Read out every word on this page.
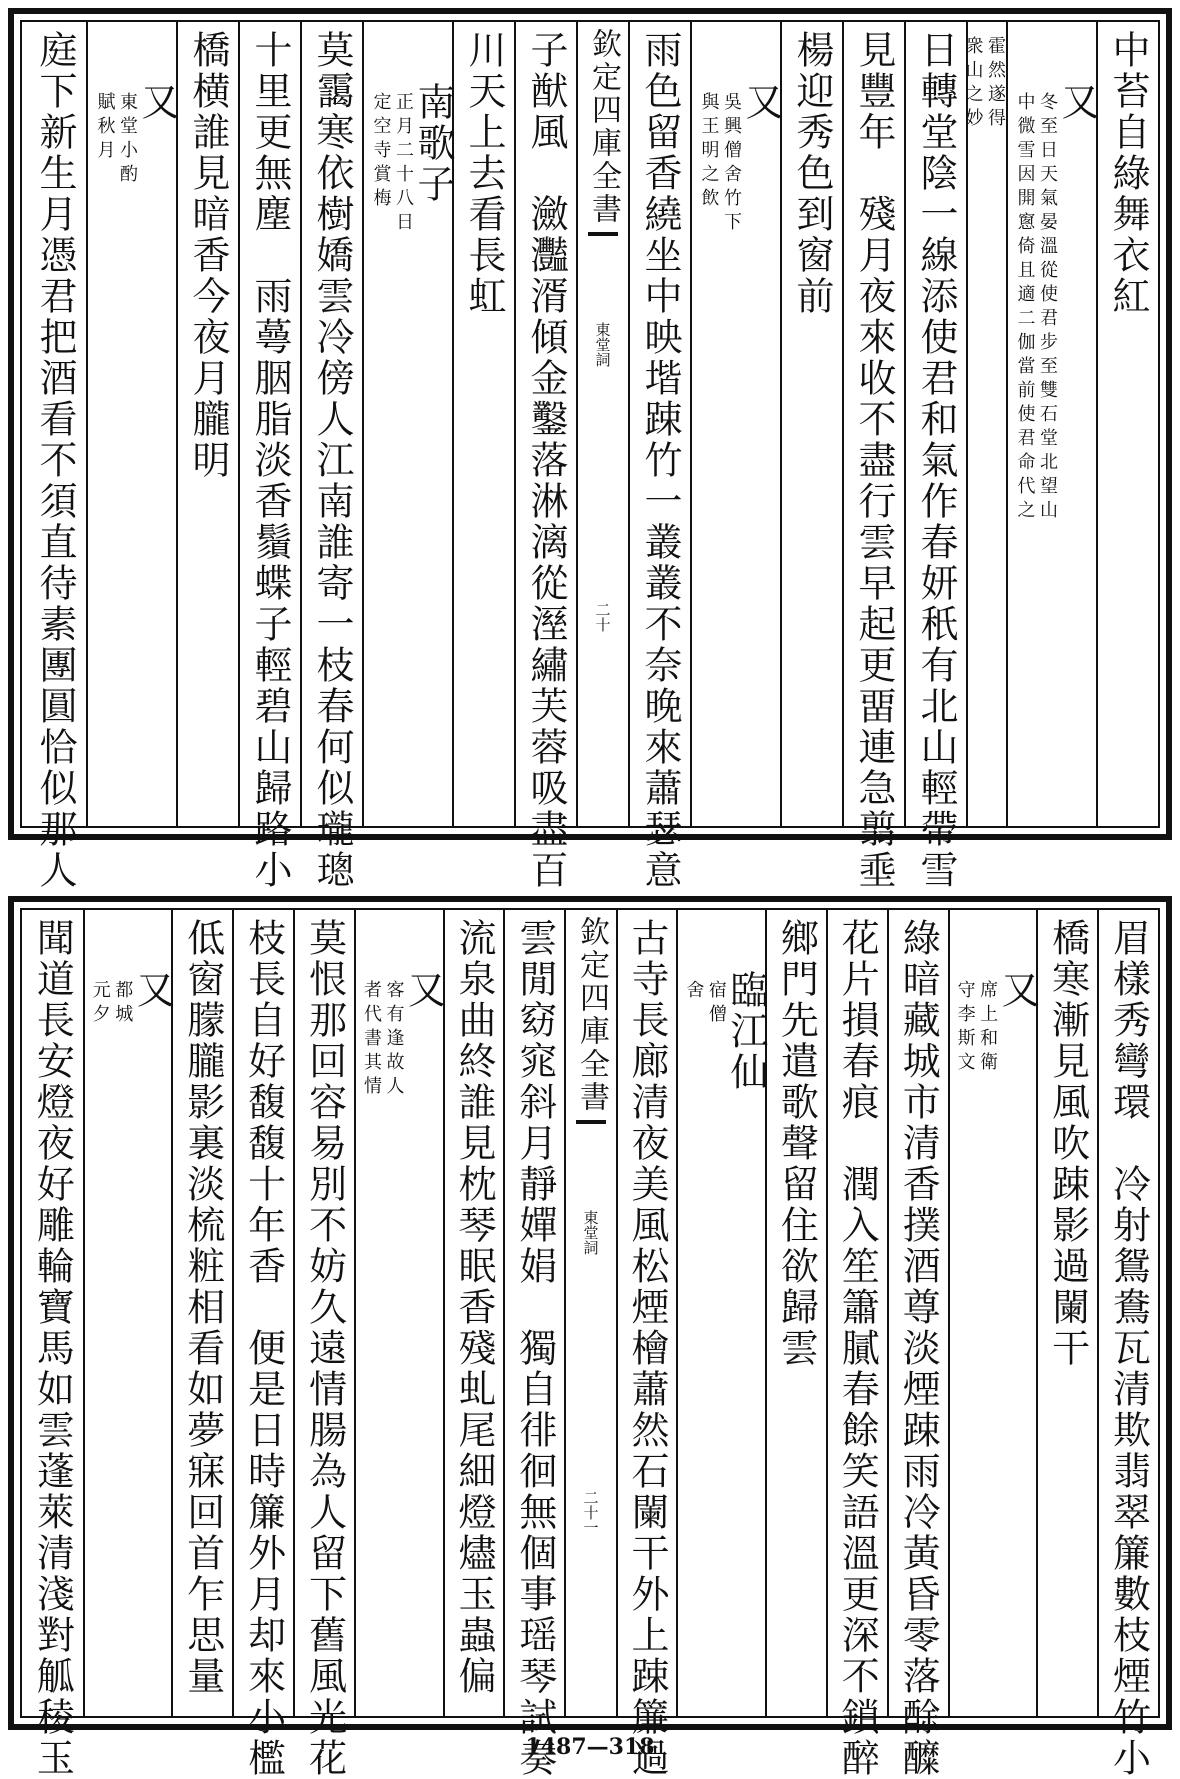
中苔自綠舞衣紅
又
冬至日天氣晏溫從使君步至雙石堂北望山
中微雪因開窻倚且適二伽當前使君命代之
霍然遂得
衆山之妙
日轉堂陰一線添使君和氣作春妍秖有北山輕帶雪
見豐年　殘月夜來收不盡行雲早起更畱連急翦埀
楊迎秀色到窗前
又
吳興僧舍竹下
與王明之飲
雨色留香繞坐中映堦踈竹一叢叢不奈晚來蕭瑟意
欽定四庫全書
東堂詞
二十
子猷風　瀲灩湑傾金鑿落淋漓從溼繡芙蓉吸盡百
川天上去看長虹
南歌子
正月二十八日
定空寺賞梅
莫靄寒依樹嬌雲冷傍人江南誰寄一枝春何似瓏璁
十里更無塵　雨蕚胭脂淡香鬚蝶子輕碧山歸路小
橋横誰見暗香今夜月朧明
又
東堂小酌
賦秋月
庭下新生月憑君把酒看不須直待素團圓恰似那人
眉樣秀彎環　冷射鴛鴦瓦清欺翡翠簾數枝煙竹小
橋寒漸見風吹踈影過闌干
又
席上和衛
守李斯文
綠暗藏城市清香撲酒尊淡煙踈雨冷黃昏零落酴醾
花片損春痕　潤入笙簫膩春餘笑語溫更深不鎖醉
鄉門先遣歌聲留住欲歸雲
臨江仙
宿僧
舍
古寺長廊清夜美風松煙檜蕭然石闌干外上踈簾過
欽定四庫全書
東堂詞
二十一
雲閒窈窕斜月靜嬋娟　獨自徘徊無個事瑶琴試奏
流泉曲終誰見枕琴眠香殘虬尾細燈燼玉蟲偏
又
客有逢故人
者代書其情
莫恨那回容易別不妨久遠情腸為人留下舊風光花
枝長自好馥馥十年香　便是日時簾外月却來小檻
低窗朦朧影裏淡梳粧相看如夢寐回首乍思量
又
都城
元夕
聞道長安燈夜好雕輪寶馬如雲蓬萊清淺對觚稜玉	1487—318
